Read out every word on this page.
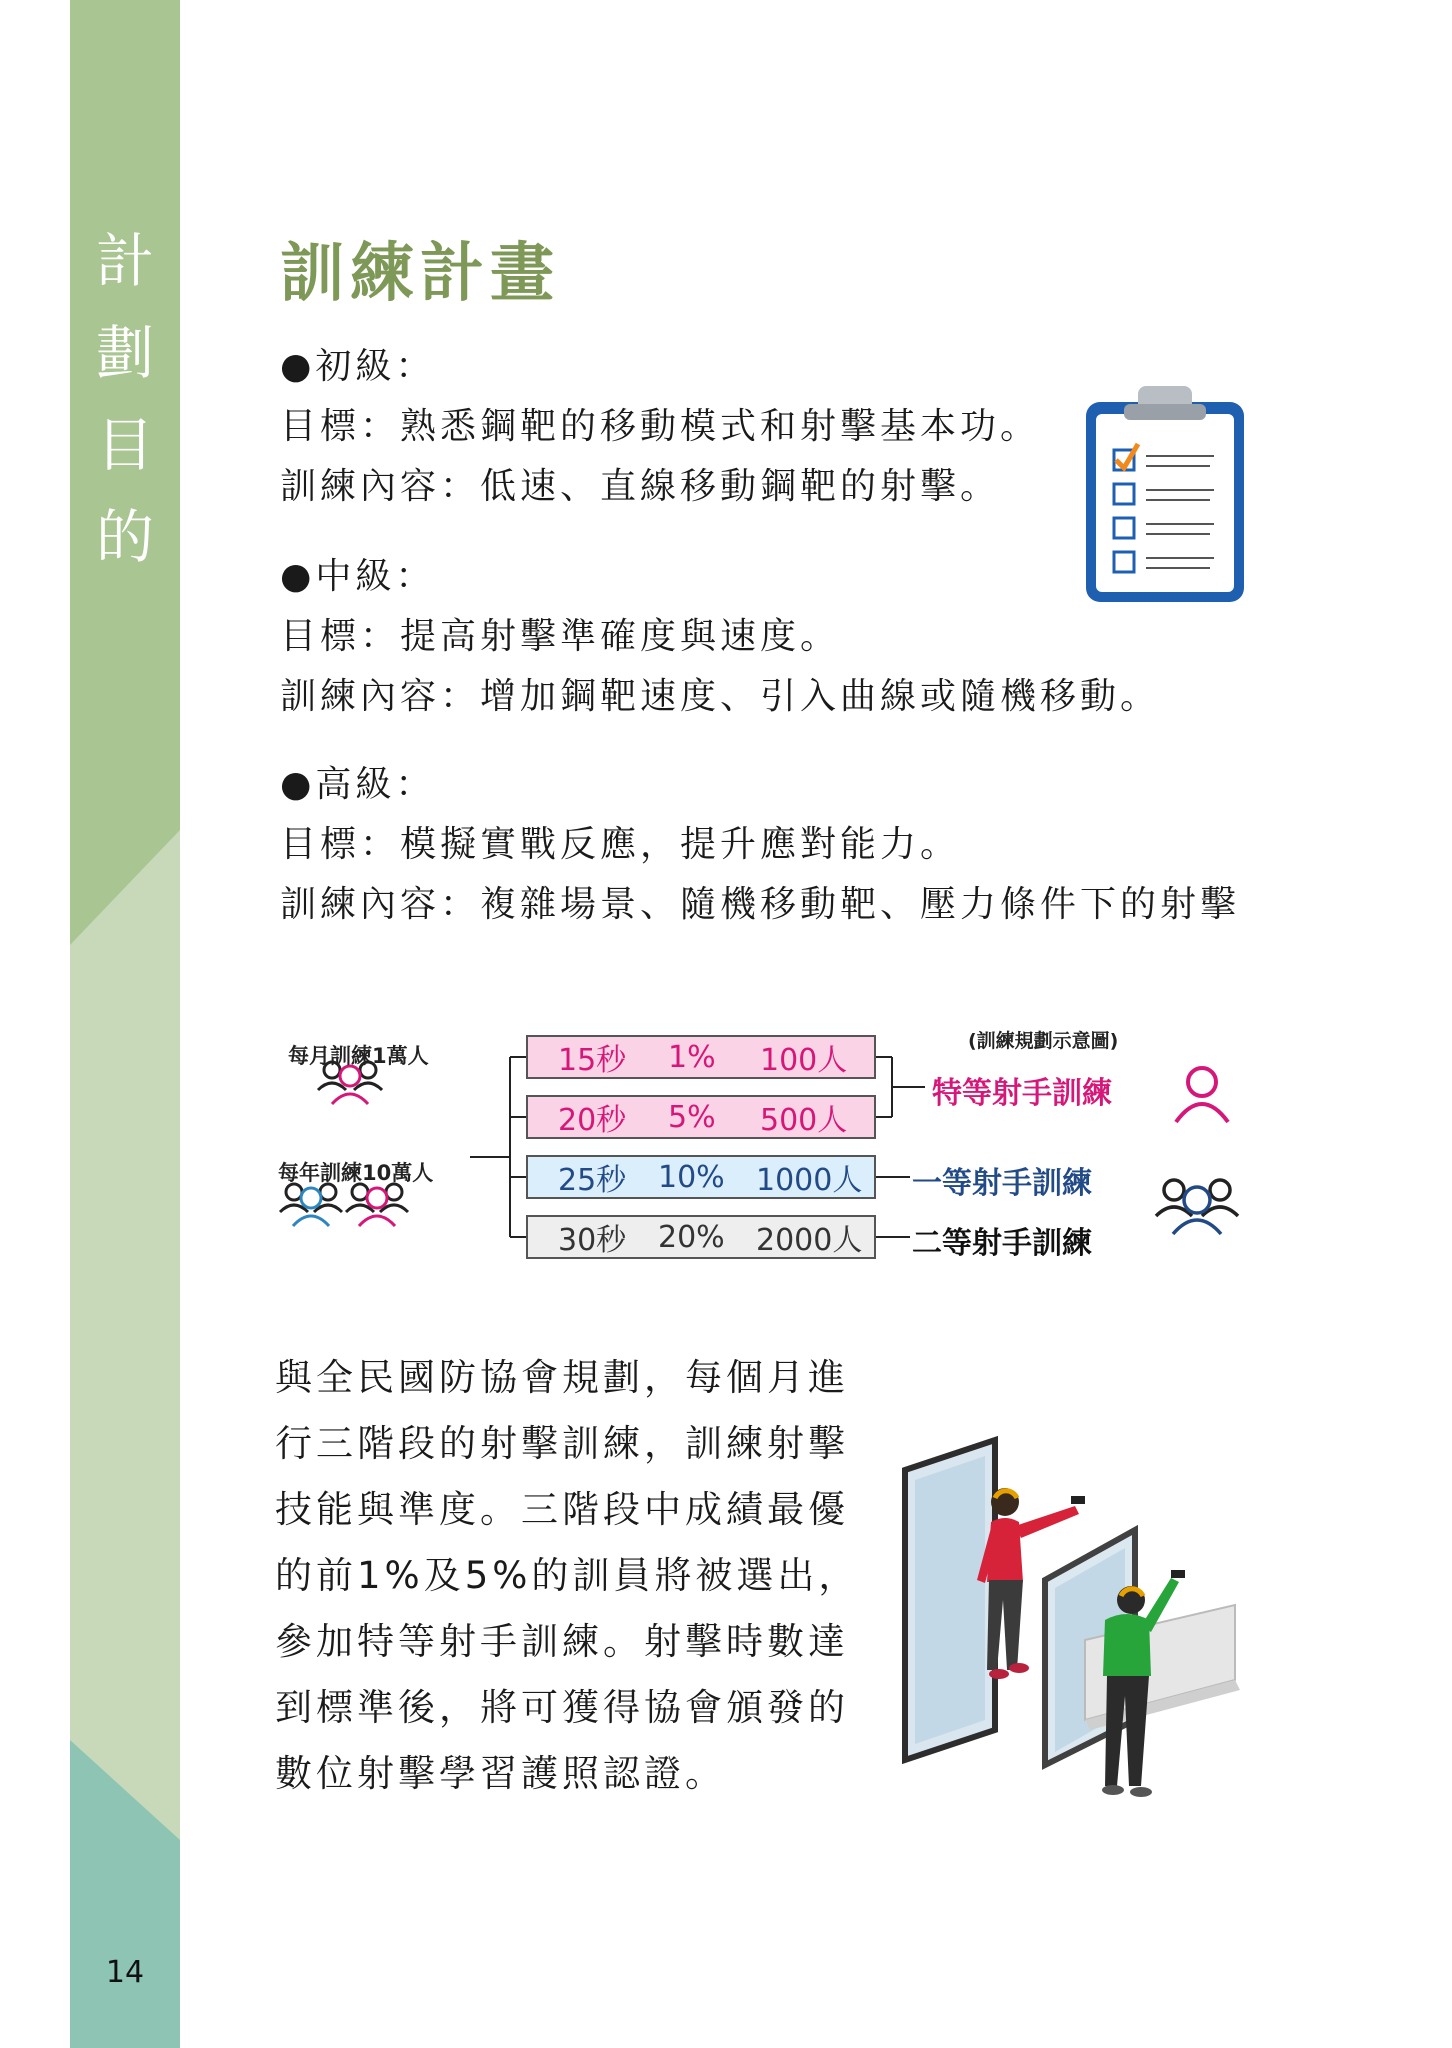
計
劃
目
的
14
訓練計畫
●初級：
目標：熟悉鋼靶的移動模式和射擊基本功。
訓練內容：低速、直線移動鋼靶的射擊。
●中級：
目標：提高射擊準確度與速度。
訓練內容：增加鋼靶速度、引入曲線或隨機移動。
●高級：
目標：模擬實戰反應，提升應對能力。
訓練內容：複雜場景、隨機移動靶、壓力條件下的射擊
每月訓練1萬人
每年訓練10萬人
(訓練規劃示意圖)
15秒 1% 100人
20秒 5% 500人
25秒 10% 1000人
30秒 20% 2000人
特等射手訓練
一等射手訓練
二等射手訓練
與全民國防協會規劃，每個月進
行三階段的射擊訓練，訓練射擊
技能與準度。三階段中成績最優
的前1%及5%的訓員將被選出，
參加特等射手訓練。射擊時數達
到標準後，將可獲得協會頒發的
數位射擊學習護照認證。
